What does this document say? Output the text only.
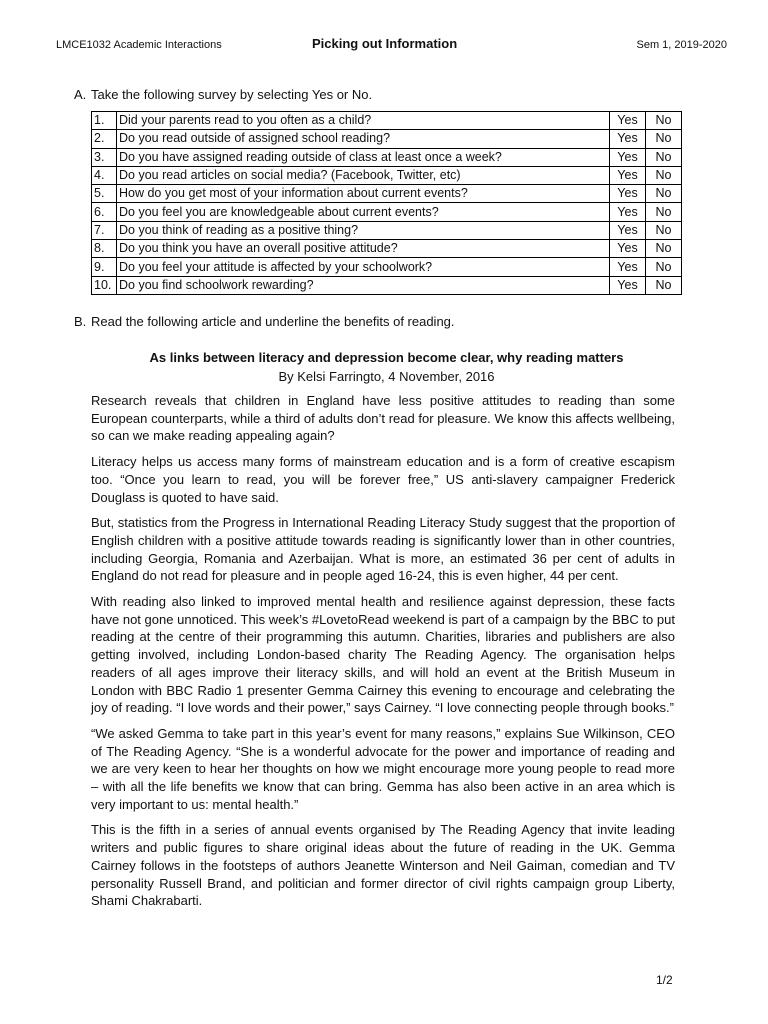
LMCE1032 Academic Interactions	Picking out Information	Sem 1, 2019-2020
A. Take the following survey by selecting Yes or No.
1.	Did your parents read to you often as a child?	Yes	No
2.	Do you read outside of assigned school reading?	Yes	No
3.	Do you have assigned reading outside of class at least once a week?	Yes	No
4.	Do you read articles on social media? (Facebook, Twitter, etc)	Yes	No
5.	How do you get most of your information about current events?	Yes	No
6.	Do you feel you are knowledgeable about current events?	Yes	No
7.	Do you think of reading as a positive thing?	Yes	No
8.	Do you think you have an overall positive attitude?	Yes	No
9.	Do you feel your attitude is affected by your schoolwork?	Yes	No
10.	Do you find schoolwork rewarding?	Yes	No
B. Read the following article and underline the benefits of reading.
As links between literacy and depression become clear, why reading matters
By Kelsi Farringto, 4 November, 2016

Research reveals that children in England have less positive attitudes to reading than some European counterparts, while a third of adults don’t read for pleasure. We know this affects wellbeing, so can we make reading appealing again?

Literacy helps us access many forms of mainstream education and is a form of creative escapism too. “Once you learn to read, you will be forever free,” US anti-slavery campaigner Frederick Douglass is quoted to have said.

But, statistics from the Progress in International Reading Literacy Study suggest that the proportion of English children with a positive attitude towards reading is significantly lower than in other countries, including Georgia, Romania and Azerbaijan. What is more, an estimated 36 per cent of adults in England do not read for pleasure and in people aged 16-24, this is even higher, 44 per cent.

With reading also linked to improved mental health and resilience against depression, these facts have not gone unnoticed. This week’s #LovetoRead weekend is part of a campaign by the BBC to put reading at the centre of their programming this autumn. Charities, libraries and publishers are also getting involved, including London-based charity The Reading Agency. The organisation helps readers of all ages improve their literacy skills, and will hold an event at the British Museum in London with BBC Radio 1 presenter Gemma Cairney this evening to encourage and celebrating the joy of reading. “I love words and their power,” says Cairney. “I love connecting people through books.”

“We asked Gemma to take part in this year’s event for many reasons,” explains Sue Wilkinson, CEO of The Reading Agency. “She is a wonderful advocate for the power and importance of reading and we are very keen to hear her thoughts on how we might encourage more young people to read more – with all the life benefits we know that can bring. Gemma has also been active in an area which is very important to us: mental health.”

This is the fifth in a series of annual events organised by The Reading Agency that invite leading writers and public figures to share original ideas about the future of reading in the UK. Gemma Cairney follows in the footsteps of authors Jeanette Winterson and Neil Gaiman, comedian and TV personality Russell Brand, and politician and former director of civil rights campaign group Liberty, Shami Chakrabarti.

1/2
